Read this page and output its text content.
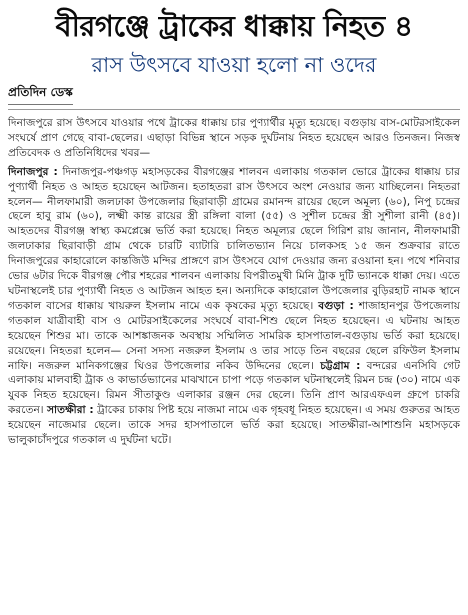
বীরগঞ্জে ট্রাকের ধাক্কায় নিহত ৪
রাস উৎসবে যাওয়া হলো না ওদের
প্রতিদিন ডেস্ক

দিনাজপুরে রাস উৎসবে যাওয়ার পথে ট্রাকের ধাক্কায় চার পুণ্যার্থীর মৃত্যু হয়েছে। বগুড়ায় বাস-মোটরসাইকেল সংঘর্ষে প্রাণ গেছে বাবা-ছেলের। এছাড়া বিভিন্ন স্থানে সড়ক দুর্ঘটনায় নিহত হয়েছেন আরও তিনজন। নিজস্ব প্রতিবেদক ও প্রতিনিধিদের খবর—

দিনাজপুর : দিনাজপুর-পঞ্চগড় মহাসড়কের বীরগঞ্জের শালবন এলাকায় গতকাল ভোরে ট্রাকের ধাক্কায় চার পুণ্যার্থী নিহত ও আহত হয়েছেন আটজন। হতাহতরা রাস উৎসবে অংশ নেওয়ার জন্য যাচ্ছিলেন। নিহতরা হলেন— নীলফামারী জলঢাকা উপজেলার ছিরাবাড়ী গ্রামের রমানন্দ রায়ের ছেলে অমূল্য (৬০), নিপু চন্দ্রের ছেলে হাবু রাম (৬০), লক্ষ্মী কান্ত রায়ের স্ত্রী রঙ্গিলা বালা (৫৫) ও সুশীল চন্দ্রের স্ত্রী সুশীলা রানী (৪৫)। আহতদের বীরগঞ্জ স্বাস্থ্য কমপ্লেক্সে ভর্তি করা হয়েছে। নিহত অমূল্যর ছেলে গিরিশ রায় জানান, নীলফামারী জলঢাকার ছিরাবাড়ী গ্রাম থেকে চারটি ব্যাটারি চালিতভ্যান নিয়ে চালকসহ ১৫ জন শুক্রবার রাতে দিনাজপুরের কাহারোলে কান্তজিউ মন্দির প্রাঙ্গণে রাস উৎসবে যোগ দেওয়ার জন্য রওয়ানা হন। পথে শনিবার ভোর ৬টার দিকে বীরগঞ্জ পৌর শহরের শালবন এলাকায় বিপরীতমুখী মিনি ট্রাক দুটি ভ্যানকে ধাক্কা দেয়। এতে ঘটনাস্থলেই চার পুণ্যার্থী নিহত ও আটজন আহত হন। অন্যদিকে কাহারোল উপজেলার বুড়িরহাট নামক স্থানে গতকাল বাসের ধাক্কায় খায়রুল ইসলাম নামে এক কৃষকের মৃত্যু হয়েছে। বগুড়া : শাজাহানপুর উপজেলায় গতকাল যাত্রীবাহী বাস ও মোটরসাইকেলের সংঘর্ষে বাবা-শিশু ছেলে নিহত হয়েছেন। এ ঘটনায় আহত হয়েছেন শিশুর মা। তাকে আশঙ্কাজনক অবস্থায় সম্মিলিত সামরিক হাসপাতাল-বগুড়ায় ভর্তি করা হয়েছে। রয়েছেন। নিহতরা হলেন— সেনা সদস্য নজরুল ইসলাম ও তার সাড়ে তিন বছরের ছেলে রফিউল ইসলাম নাফি। নজরুল মানিকগঞ্জের ঘিওর উপজেলার নকিব উদ্দিনের ছেলে। চট্টগ্রাম : বন্দরের এনসিবি গেট এলাকায় মালবাহী ট্রাক ও কাভার্ডভ্যানের মাঝখানে চাপা পড়ে গতকাল ঘটনাস্থলেই রিমন চন্দ্র (৩০) নামে এক যুবক নিহত হয়েছেন। রিমন সীতাকুণ্ড এলাকার রঞ্জন দের ছেলে। তিনি প্রাণ আরএফএল গ্রুপে চাকরি করতেন। সাতক্ষীরা : ট্রাকের চাকায় পিষ্ট হয়ে নাজমা নামে এক গৃহবধূ নিহত হয়েছেন। এ সময় গুরুতর আহত হয়েছেন নাজেমার ছেলে। তাকে সদর হাসপাতালে ভর্তি করা হয়েছে। সাতক্ষীরা-আশাশুনি মহাসড়কে ভালুকাচাঁদপুরে গতকাল এ দুর্ঘটনা ঘটে।
